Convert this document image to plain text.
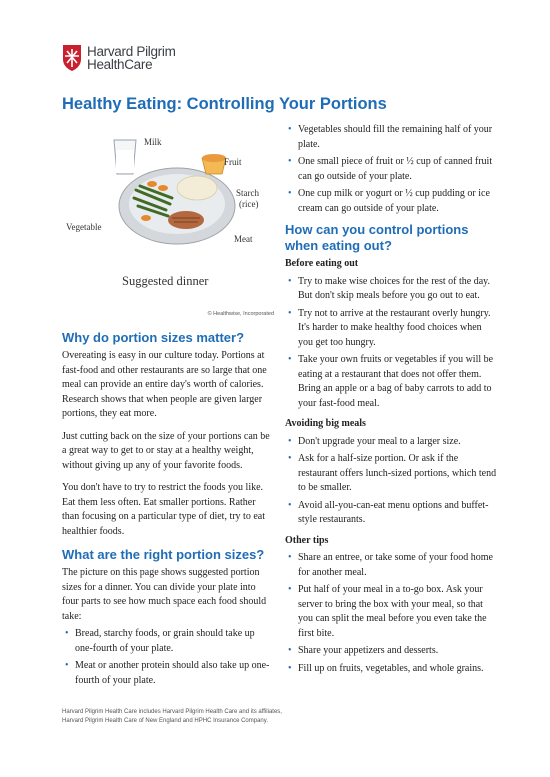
Harvard Pilgrim
HealthCare
Healthy Eating: Controlling Your Portions
Milk
Fruit
Starch
(rice)
Vegetable
Meat
Suggested dinner
© Healthwise, Incorporated
Why do portion sizes matter?

Overeating is easy in our culture today. Portions at fast-food and other restaurants are so large that one meal can provide an entire day's worth of calories. Research shows that when people are given larger portions, they eat more.

Just cutting back on the size of your portions can be a great way to get to or stay at a healthy weight, without giving up any of your favorite foods.

You don't have to try to restrict the foods you like. Eat them less often. Eat smaller portions. Rather than focusing on a particular type of diet, try to eat healthier foods.

What are the right portion sizes?

The picture on this page shows suggested portion sizes for a dinner. You can divide your plate into four parts to see how much space each food should take:

• Bread, starchy foods, or grain should take up one-fourth of your plate.
• Meat or another protein should also take up one-fourth of your plate.
• Vegetables should fill the remaining half of your plate.
• One small piece of fruit or ½ cup of canned fruit can go outside of your plate.
• One cup milk or yogurt or ½ cup pudding or ice cream can go outside of your plate.
How can you control portions when eating out?
Before eating out
• Try to make wise choices for the rest of the day. But don't skip meals before you go out to eat.
• Try not to arrive at the restaurant overly hungry. It's harder to make healthy food choices when you get too hungry.
• Take your own fruits or vegetables if you will be eating at a restaurant that does not offer them. Bring an apple or a bag of baby carrots to add to your fast-food meal.
Avoiding big meals
• Don't upgrade your meal to a larger size.
• Ask for a half-size portion. Or ask if the restaurant offers lunch-sized portions, which tend to be smaller.
• Avoid all-you-can-eat menu options and buffet-style restaurants.
Other tips
• Share an entree, or take some of your food home for another meal.
• Put half of your meal in a to-go box. Ask your server to bring the box with your meal, so that you can split the meal before you even take the first bite.
• Share your appetizers and desserts.
• Fill up on fruits, vegetables, and whole grains.
Harvard Pilgrim Health Care includes Harvard Pilgrim Health Care and its affiliates,
Harvard Pilgrim Health Care of New England and HPHC Insurance Company.
